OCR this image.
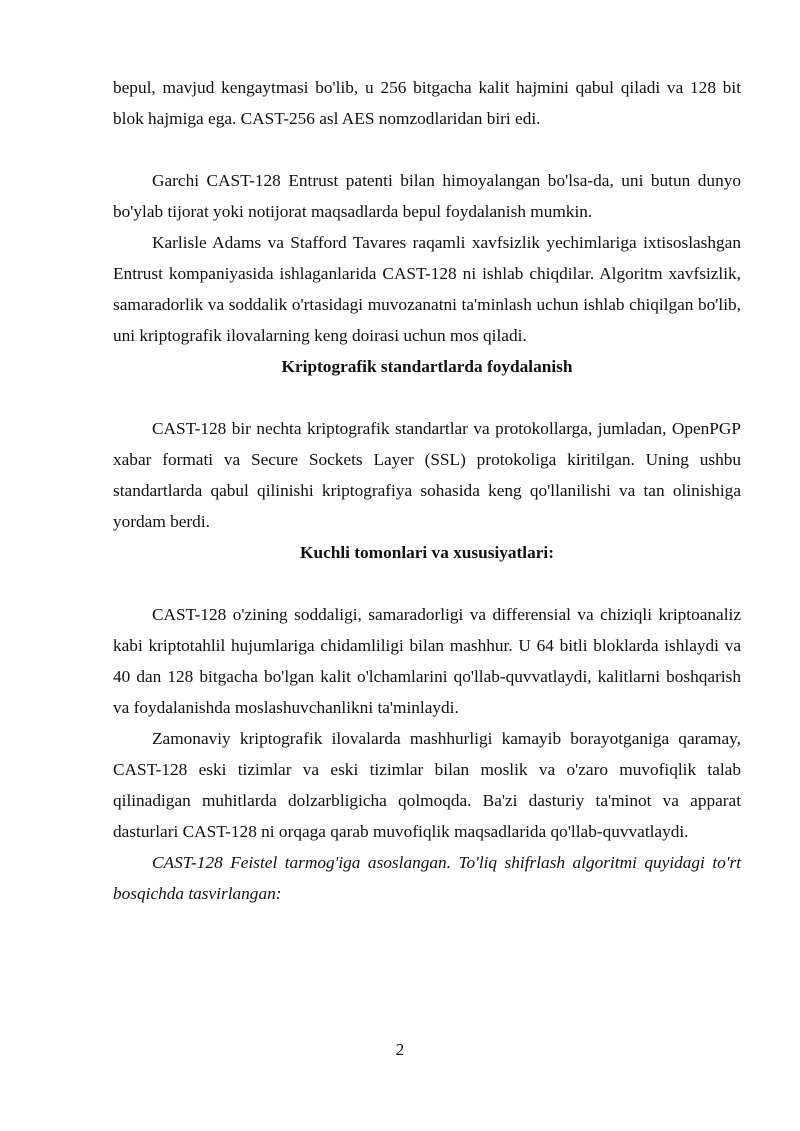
bepul, mavjud kengaytmasi bo'lib, u 256 bitgacha kalit hajmini qabul qiladi va 128 bit blok hajmiga ega. CAST-256 asl AES nomzodlaridan biri edi.

Garchi CAST-128 Entrust patenti bilan himoyalangan bo'lsa-da, uni butun dunyo bo'ylab tijorat yoki notijorat maqsadlarda bepul foydalanish mumkin.

Karlisle Adams va Stafford Tavares raqamli xavfsizlik yechimlariga ixtisoslashgan Entrust kompaniyasida ishlaganlarida CAST-128 ni ishlab chiqdilar. Algoritm xavfsizlik, samaradorlik va soddalik o'rtasidagi muvozanatni ta'minlash uchun ishlab chiqilgan bo'lib, uni kriptografik ilovalarning keng doirasi uchun mos qiladi.

Kriptografik standartlarda foydalanish

CAST-128 bir nechta kriptografik standartlar va protokollarga, jumladan, OpenPGP xabar formati va Secure Sockets Layer (SSL) protokoliga kiritilgan. Uning ushbu standartlarda qabul qilinishi kriptografiya sohasida keng qo'llanilishi va tan olinishiga yordam berdi.

Kuchli tomonlari va xususiyatlari:

CAST-128 o'zining soddaligi, samaradorligi va differensial va chiziqli kriptoanaliz kabi kriptotahlil hujumlariga chidamliligi bilan mashhur. U 64 bitli bloklarda ishlaydi va 40 dan 128 bitgacha bo'lgan kalit o'lchamlarini qo'llab-quvvatlaydi, kalitlarni boshqarish va foydalanishda moslashuvchanlikni ta'minlaydi.

Zamonaviy kriptografik ilovalarda mashhurligi kamayib borayotganiga qaramay, CAST-128 eski tizimlar va eski tizimlar bilan moslik va o'zaro muvofiqlik talab qilinadigan muhitlarda dolzarbligicha qolmoqda. Ba'zi dasturiy ta'minot va apparat dasturlari CAST-128 ni orqaga qarab muvofiqlik maqsadlarida qo'llab-quvvatlaydi.

CAST-128 Feistel tarmog'iga asoslangan. To'liq shifrlash algoritmi quyidagi to'rt bosqichda tasvirlangan:

2
